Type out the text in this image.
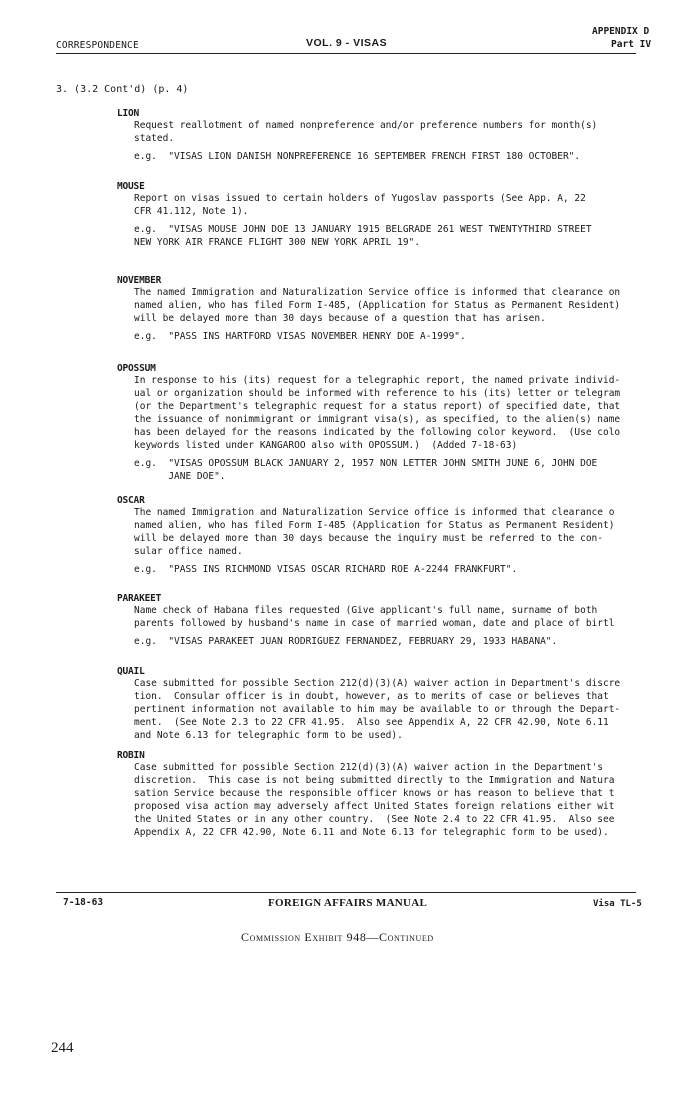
APPENDIX D
Part IV
CORRESPONDENCE	VOL. 9 - VISAS
3. (3.2 Cont'd) (p. 4)
LION
Request reallotment of named nonpreference and/or preference numbers for month(s)
stated.
e.g.  "VISAS LION DANISH NONPREFERENCE 16 SEPTEMBER FRENCH FIRST 180 OCTOBER".
MOUSE
Report on visas issued to certain holders of Yugoslav passports (See App. A, 22
CFR 41.112, Note 1).
e.g.  "VISAS MOUSE JOHN DOE 13 JANUARY 1915 BELGRADE 261 WEST TWENTYTHIRD STREET
NEW YORK AIR FRANCE FLIGHT 300 NEW YORK APRIL 19".
NOVEMBER
The named Immigration and Naturalization Service office is informed that clearance on
named alien, who has filed Form I-485, (Application for Status as Permanent Resident)
will be delayed more than 30 days because of a question that has arisen.
e.g.  "PASS INS HARTFORD VISAS NOVEMBER HENRY DOE A-1999".
OPOSSUM
In response to his (its) request for a telegraphic report, the named private individ-
ual or organization should be informed with reference to his (its) letter or telegram
(or the Department's telegraphic request for a status report) of specified date, that
the issuance of nonimmigrant or immigrant visa(s), as specified, to the alien(s) name
has been delayed for the reasons indicated by the following color keyword.  (Use colo
keywords listed under KANGAROO also with OPOSSUM.)  (Added 7-18-63)
e.g.  "VISAS OPOSSUM BLACK JANUARY 2, 1957 NON LETTER JOHN SMITH JUNE 6, JOHN DOE
JANE DOE".
OSCAR
The named Immigration and Naturalization Service office is informed that clearance o
named alien, who has filed Form I-485 (Application for Status as Permanent Resident)
will be delayed more than 30 days because the inquiry must be referred to the con-
sular office named.
e.g.  "PASS INS RICHMOND VISAS OSCAR RICHARD ROE A-2244 FRANKFURT".
PARAKEET
Name check of Habana files requested (Give applicant's full name, surname of both
parents followed by husband's name in case of married woman, date and place of birtl
e.g.  "VISAS PARAKEET JUAN RODRIGUEZ FERNANDEZ, FEBRUARY 29, 1933 HABANA".
QUAIL
Case submitted for possible Section 212(d)(3)(A) waiver action in Department's discre
tion.  Consular officer is in doubt, however, as to merits of case or believes that
pertinent information not available to him may be available to or through the Depart-
ment.  (See Note 2.3 to 22 CFR 41.95.  Also see Appendix A, 22 CFR 42.90, Note 6.11
and Note 6.13 for telegraphic form to be used).
ROBIN
Case submitted for possible Section 212(d)(3)(A) waiver action in the Department's
discretion.  This case is not being submitted directly to the Immigration and Natura
sation Service because the responsible officer knows or has reason to believe that t
proposed visa action may adversely affect United States foreign relations either wit
the United States or in any other country.  (See Note 2.4 to 22 CFR 41.95.  Also see
Appendix A, 22 CFR 42.90, Note 6.11 and Note 6.13 for telegraphic form to be used).
7-18-63	FOREIGN AFFAIRS MANUAL	Visa TL-5
Commission Exhibit 948—Continued
244
